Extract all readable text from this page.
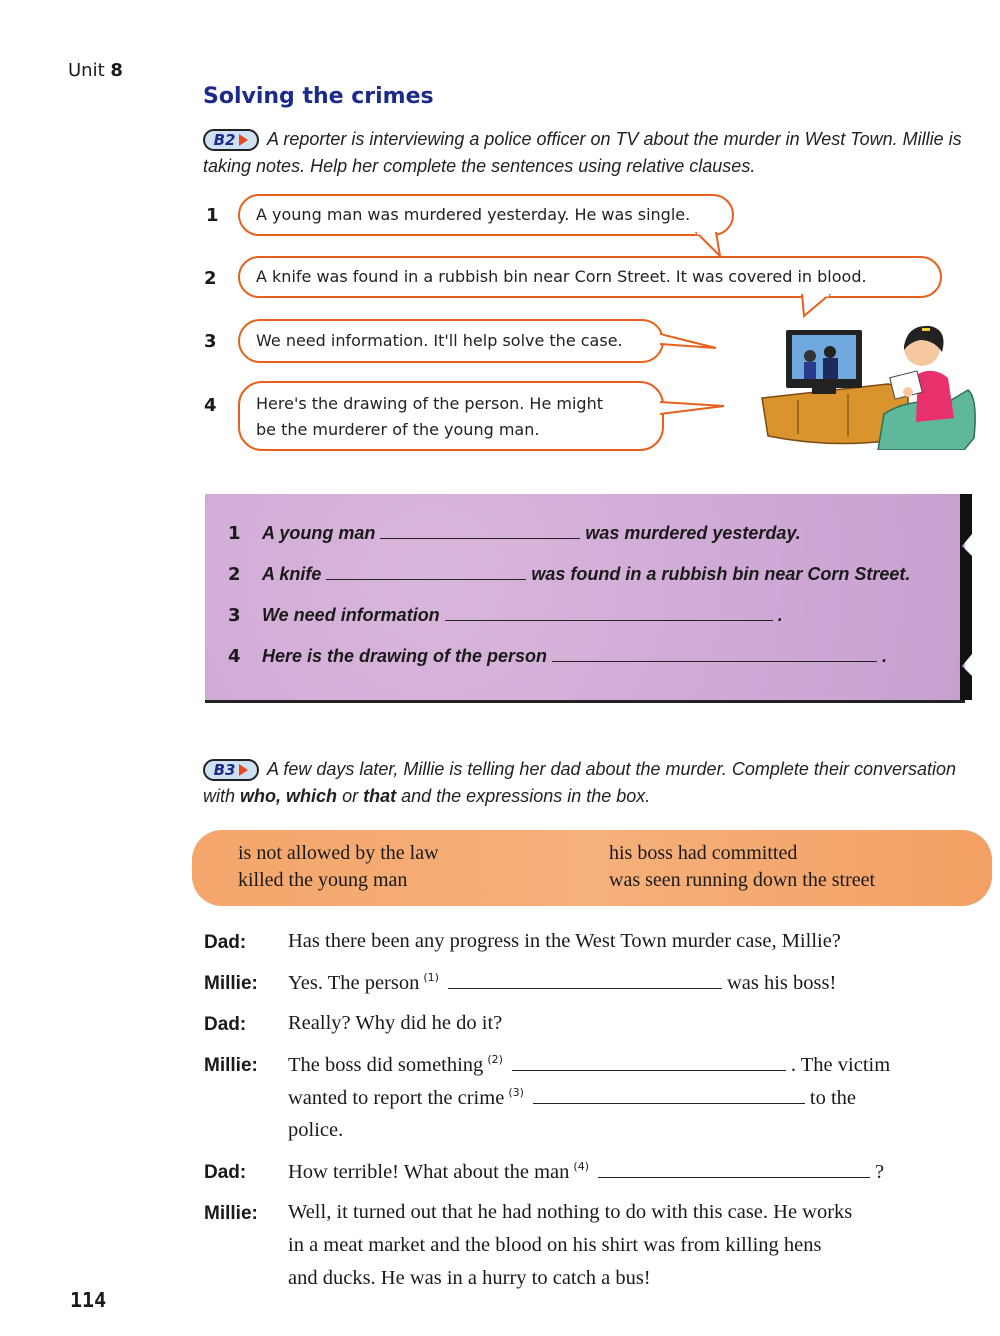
Unit 8
Solving the crimes
B2 A reporter is interviewing a police officer on TV about the murder in West Town. Millie is taking notes. Help her complete the sentences using relative clauses.
1	A young man was murdered yesterday. He was single.
2	A knife was found in a rubbish bin near Corn Street. It was covered in blood.
3	We need information. It'll help solve the case.
4 Here's the drawing of the person. He might
be the murderer of the young man.
1 A young man	was murdered yesterday.
2 A knife	was found in a rubbish bin near Corn Street.
3 We need information	.
4 Here is the drawing of the person	.
B3 A few days later, Millie is telling her dad about the murder. Complete their conversation with who, which or that and the expressions in the box.
is not allowed by the law	his boss had committed
killed the young man	was seen running down the street
Dad: Has there been any progress in the West Town murder case, Millie?
Millie: Yes. The person $^{(1)}$	was his boss!
Dad: Really? Why did he do it?
Millie: The boss did something $^{(2)}$	. The victim
wanted to report the crime $^{(3)}$	to the
police.
Dad: How terrible! What about the man $^{(4)}$	?
Millie: Well, it turned out that he had nothing to do with this case. He works
in a meat market and the blood on his shirt was from killing hens
and ducks. He was in a hurry to catch a bus!
114
